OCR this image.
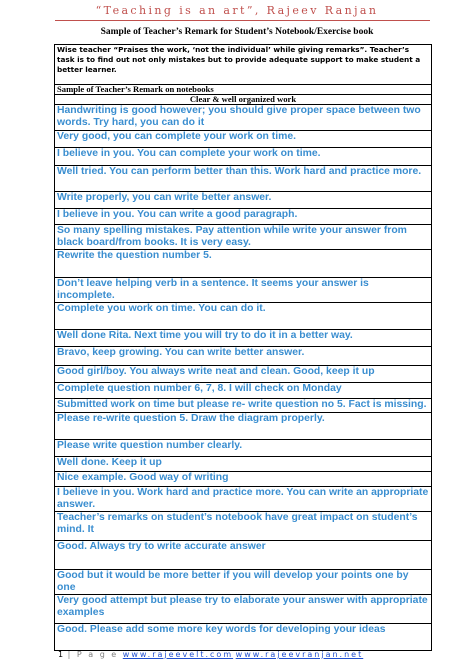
“Teaching is an art”, Rajeev Ranjan
Sample of Teacher’s Remark for Student’s Notebook/Exercise book
Wise teacher “Praises the work, ‘not the individual’ while giving remarks”. Teacher’s task is to find out not only mistakes but to provide adequate support to make student a better learner.
Sample of Teacher’s Remark on notebooks
Clear & well organized work
Handwriting is good however; you should give proper space between two words. Try hard, you can do it
Very good, you can complete your work on time.
I believe in you. You can complete your work on time.
Well tried. You can perform better than this. Work hard and practice more.
Write properly, you can write better answer.
I believe in you. You can write a good paragraph.
So many spelling mistakes. Pay attention while write your answer from black board/from books. It is very easy.
Rewrite the question number 5.
Don’t leave helping verb in a sentence. It seems your answer is incomplete.
Complete you work on time. You can do it.
Well done Rita. Next time you will try to do it in a better way.
Bravo, keep growing. You can write better answer.
Good girl/boy. You always write neat and clean. Good, keep it up
Complete question number 6, 7, 8. I will check on Monday
Submitted work on time but please re- write question no 5. Fact is missing.
Please re-write question 5. Draw the diagram properly.
Please write question number clearly.
Well done. Keep it up
Nice example. Good way of writing
I believe in you. Work hard and practice more. You can write an appropriate answer.
Teacher’s remarks on student’s notebook have great impact on student’s mind. It
Good. Always try to write accurate answer
Good but it would be more better if you will develop your points one by one
Very good attempt but please try to elaborate your answer with appropriate examples
Good. Please add some more key words for developing your ideas
1 | P a g e www.rajeevelt.com www.rajeevranjan.net
